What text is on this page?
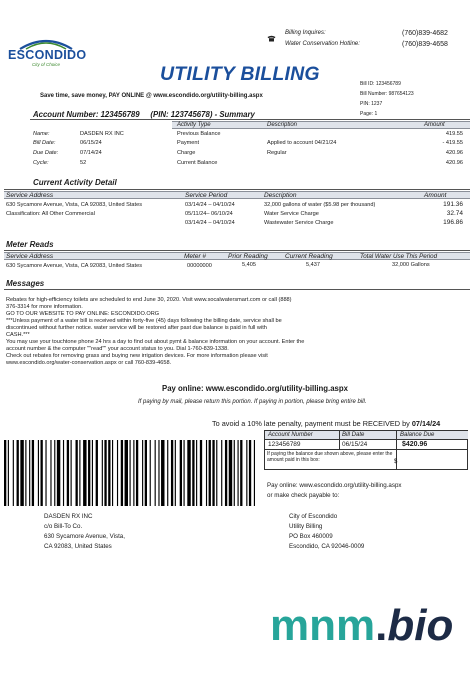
ESCONDIDO
City of Choice
Billing Inquires:	(760)839-4682
Water Conservation Hotline:	(760)839-4658
UTILITY BILLING
Save time, save money, PAY ONLINE @ www.escondido.org/utility-billing.aspx
Bill ID: 123456789
Bill Number: 987654123
PIN: 1237
Page: 1
Account Number: 123456789     (PIN: 123745678) - Summary
Activity Type	Description	Amount
Name:	DASDEN RX INC
Bill Date:	06/15/24
Due Date:	07/14/24
Cycle:	52
Previous Balance	419.55
Payment	Applied to account 04/21/24	- 419.55
Charge	Regular	420.96
Current Balance	420.96
Current Activity Detail
Service Address	Service Period	Description	Amount
630 Sycamore Avenue, Vista, CA 92083, United States
Classification: All Other Commercial
03/14/24 – 04/10/24	32,000 gallons of water ($5.98 per thousand)	191.36
05/11/24– 06/10/24	Water Service Charge	32.74
03/14/24 – 04/10/24	Wastewater Service Charge	196.86
Meter Reads
Service Address	Meter #	Prior Reading	Current Reading	Total Water Use This Period
630 Sycamore Avenue, Vista, CA 92083, United States	00000000	5,405	5,437	32,000 Gallons
Messages
Rebates for high-efficiency toilets are scheduled to end June 30, 2020. Visit www.socalwatersmart.com or call (888)
376-3314 for more information.
GO TO OUR WEBSITE TO PAY ONLINE: ESCONDIDO.ORG
***Unless payment of a water bill is received within forty-five (45) days following the billing date, service shall be
discontinued without further notice. water service will be restored after past due balance is paid in full with
CASH.***
You may use your touchtone phone 24 hrs a day to find out about pymt & balance information on your account. Enter the
account number & the computer ""read"" your account status to you. Dial 1-760-839-1338.
Check out rebates for removing grass and buying new irrigation devices. For more information please visit
www.escondido.org/water-conservation.aspx or call 760-839-4658.
Pay online: www.escondido.org/utility-billing.aspx
If paying by mail, please return this portion. If paying in portion, please bring entire bill.
To avoid a 10% late penalty, payment must be RECEIVED by 07/14/24
Account Number	Bill Date	Balance Due
123456789	06/15/24	$420.96
If paying the balance due shown above, please enter the amount paid in this box:	$
Pay online: www.escondido.org/utility-billing.aspx
or make check payable to:
DASDEN RX INC
c/o Bill-To Co.
630 Sycamore Avenue, Vista,
CA 92083, United States
City of Escondido
Utility Billing
PO Box 460009
Escondido, CA 92046-0009
mnm.bio
